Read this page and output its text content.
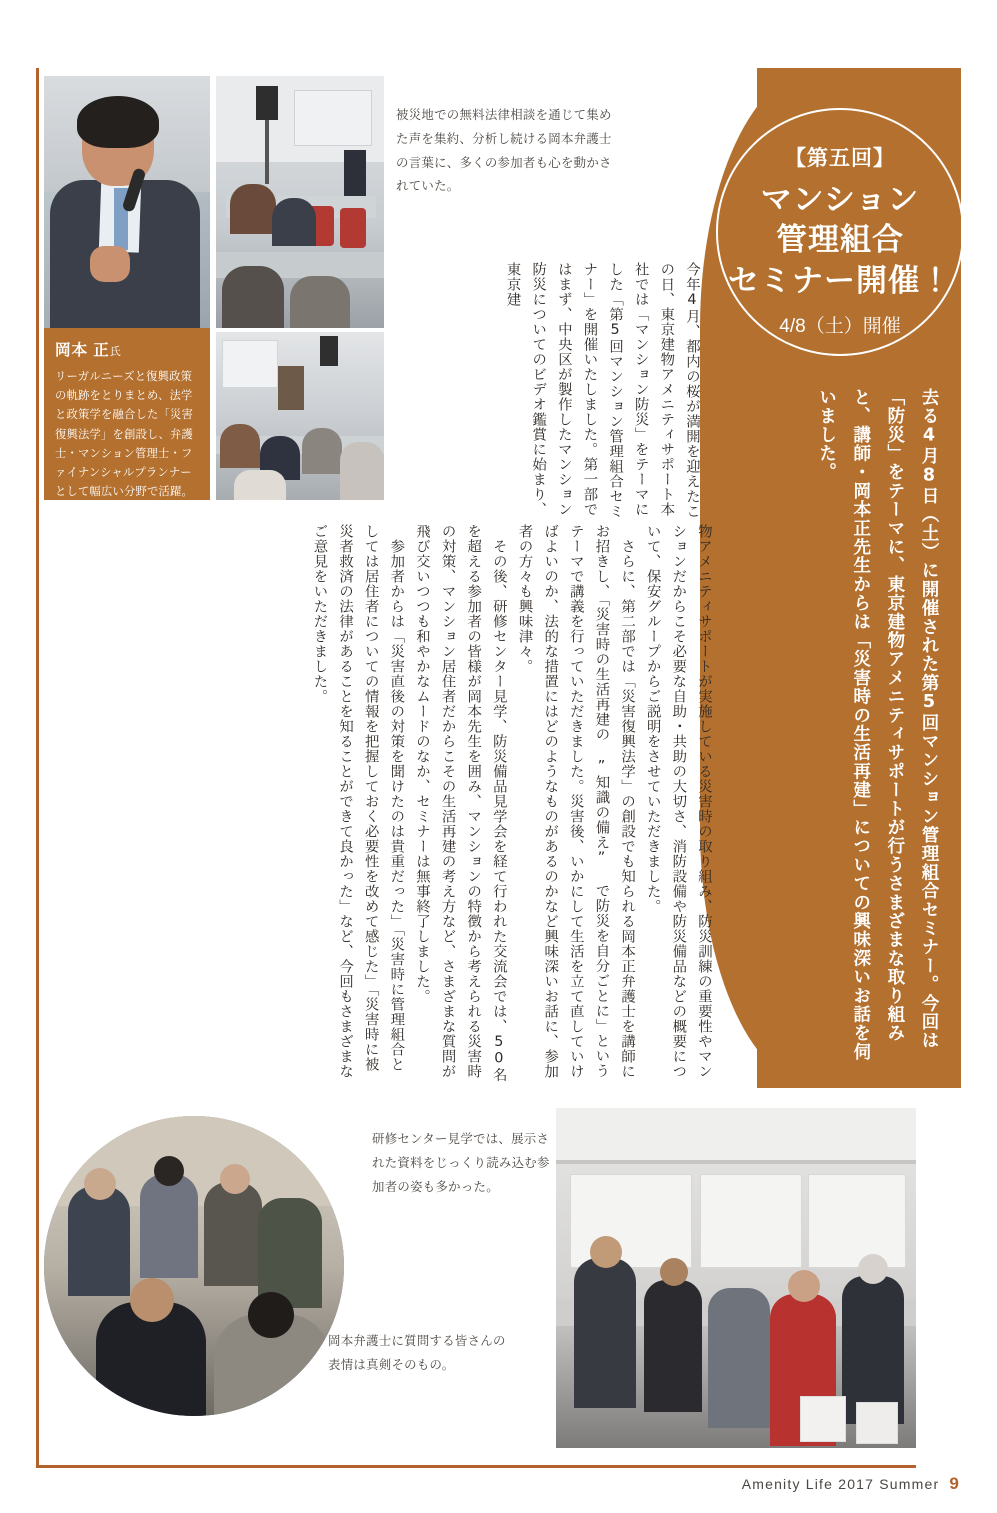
【第五回】
マンション
管理組合
セミナー開催！
4/8（土）開催
去る4月8日（土）に開催された第5回マンション管理組合セミナー。今回は「防災」をテーマに、東京建物アメニティサポートが行うさまざまな取り組みと、講師・岡本正先生からは「災害時の生活再建」についての興味深いお話を伺いました。
岡本 正氏
リーガルニーズと復興政策の軌跡をとりまとめ、法学と政策学を融合した「災害復興法学」を創設し、弁護士・マンション管理士・ファイナンシャルプランナーとして幅広い分野で活躍。
被災地での無料法律相談を通じて集めた声を集約、分析し続ける岡本弁護士の言葉に、多くの参加者も心を動かされていた。
今年4月、都内の桜が満開を迎えたこの日、東京建物アメニティサポート本社では「マンション防災」をテーマにした「第5回マンション管理組合セミナー」を開催いたしました。第一部ではまず、中央区が製作したマンション防災についてのビデオ鑑賞に始まり、東京建
物アメニティサポートが実施している災害時の取り組み、防災訓練の重要性やマンションだからこそ必要な自助・共助の大切さ、消防設備や防災備品などの概要について、保安グループからご説明をさせていただきました。
　さらに、第二部では「災害復興法学」の創設でも知られる岡本正弁護士を講師にお招きし、「災害時の生活再建の ”知識の備え” で防災を自分ごとに」というテーマで講義を行っていただきました。災害後、いかにして生活を立て直していけばよいのか、法的な措置にはどのようなものがあるのかなど興味深いお話に、参加者の方々も興味津々。
　その後、研修センター見学、防災備品見学会を経て行われた交流会では、50名を超える参加者の皆様が岡本先生を囲み、マンションの特徴から考えられる災害時の対策、マンション居住者だからこその生活再建の考え方など、さまざまな質問が飛び交いつつも和やかなムードのなか、セミナーは無事終了しました。
　参加者からは「災害直後の対策を聞けたのは貴重だった」「災害時に管理組合としては居住者についての情報を把握しておく必要性を改めて感じた」「災害時に被災者救済の法律があることを知ることができて良かった」など、今回もさまざまなご意見をいただきました。
研修センター見学では、展示された資料をじっくり読み込む参加者の姿も多かった。
岡本弁護士に質問する皆さんの表情は真剣そのもの。
Amenity Life 2017 Summer 9
